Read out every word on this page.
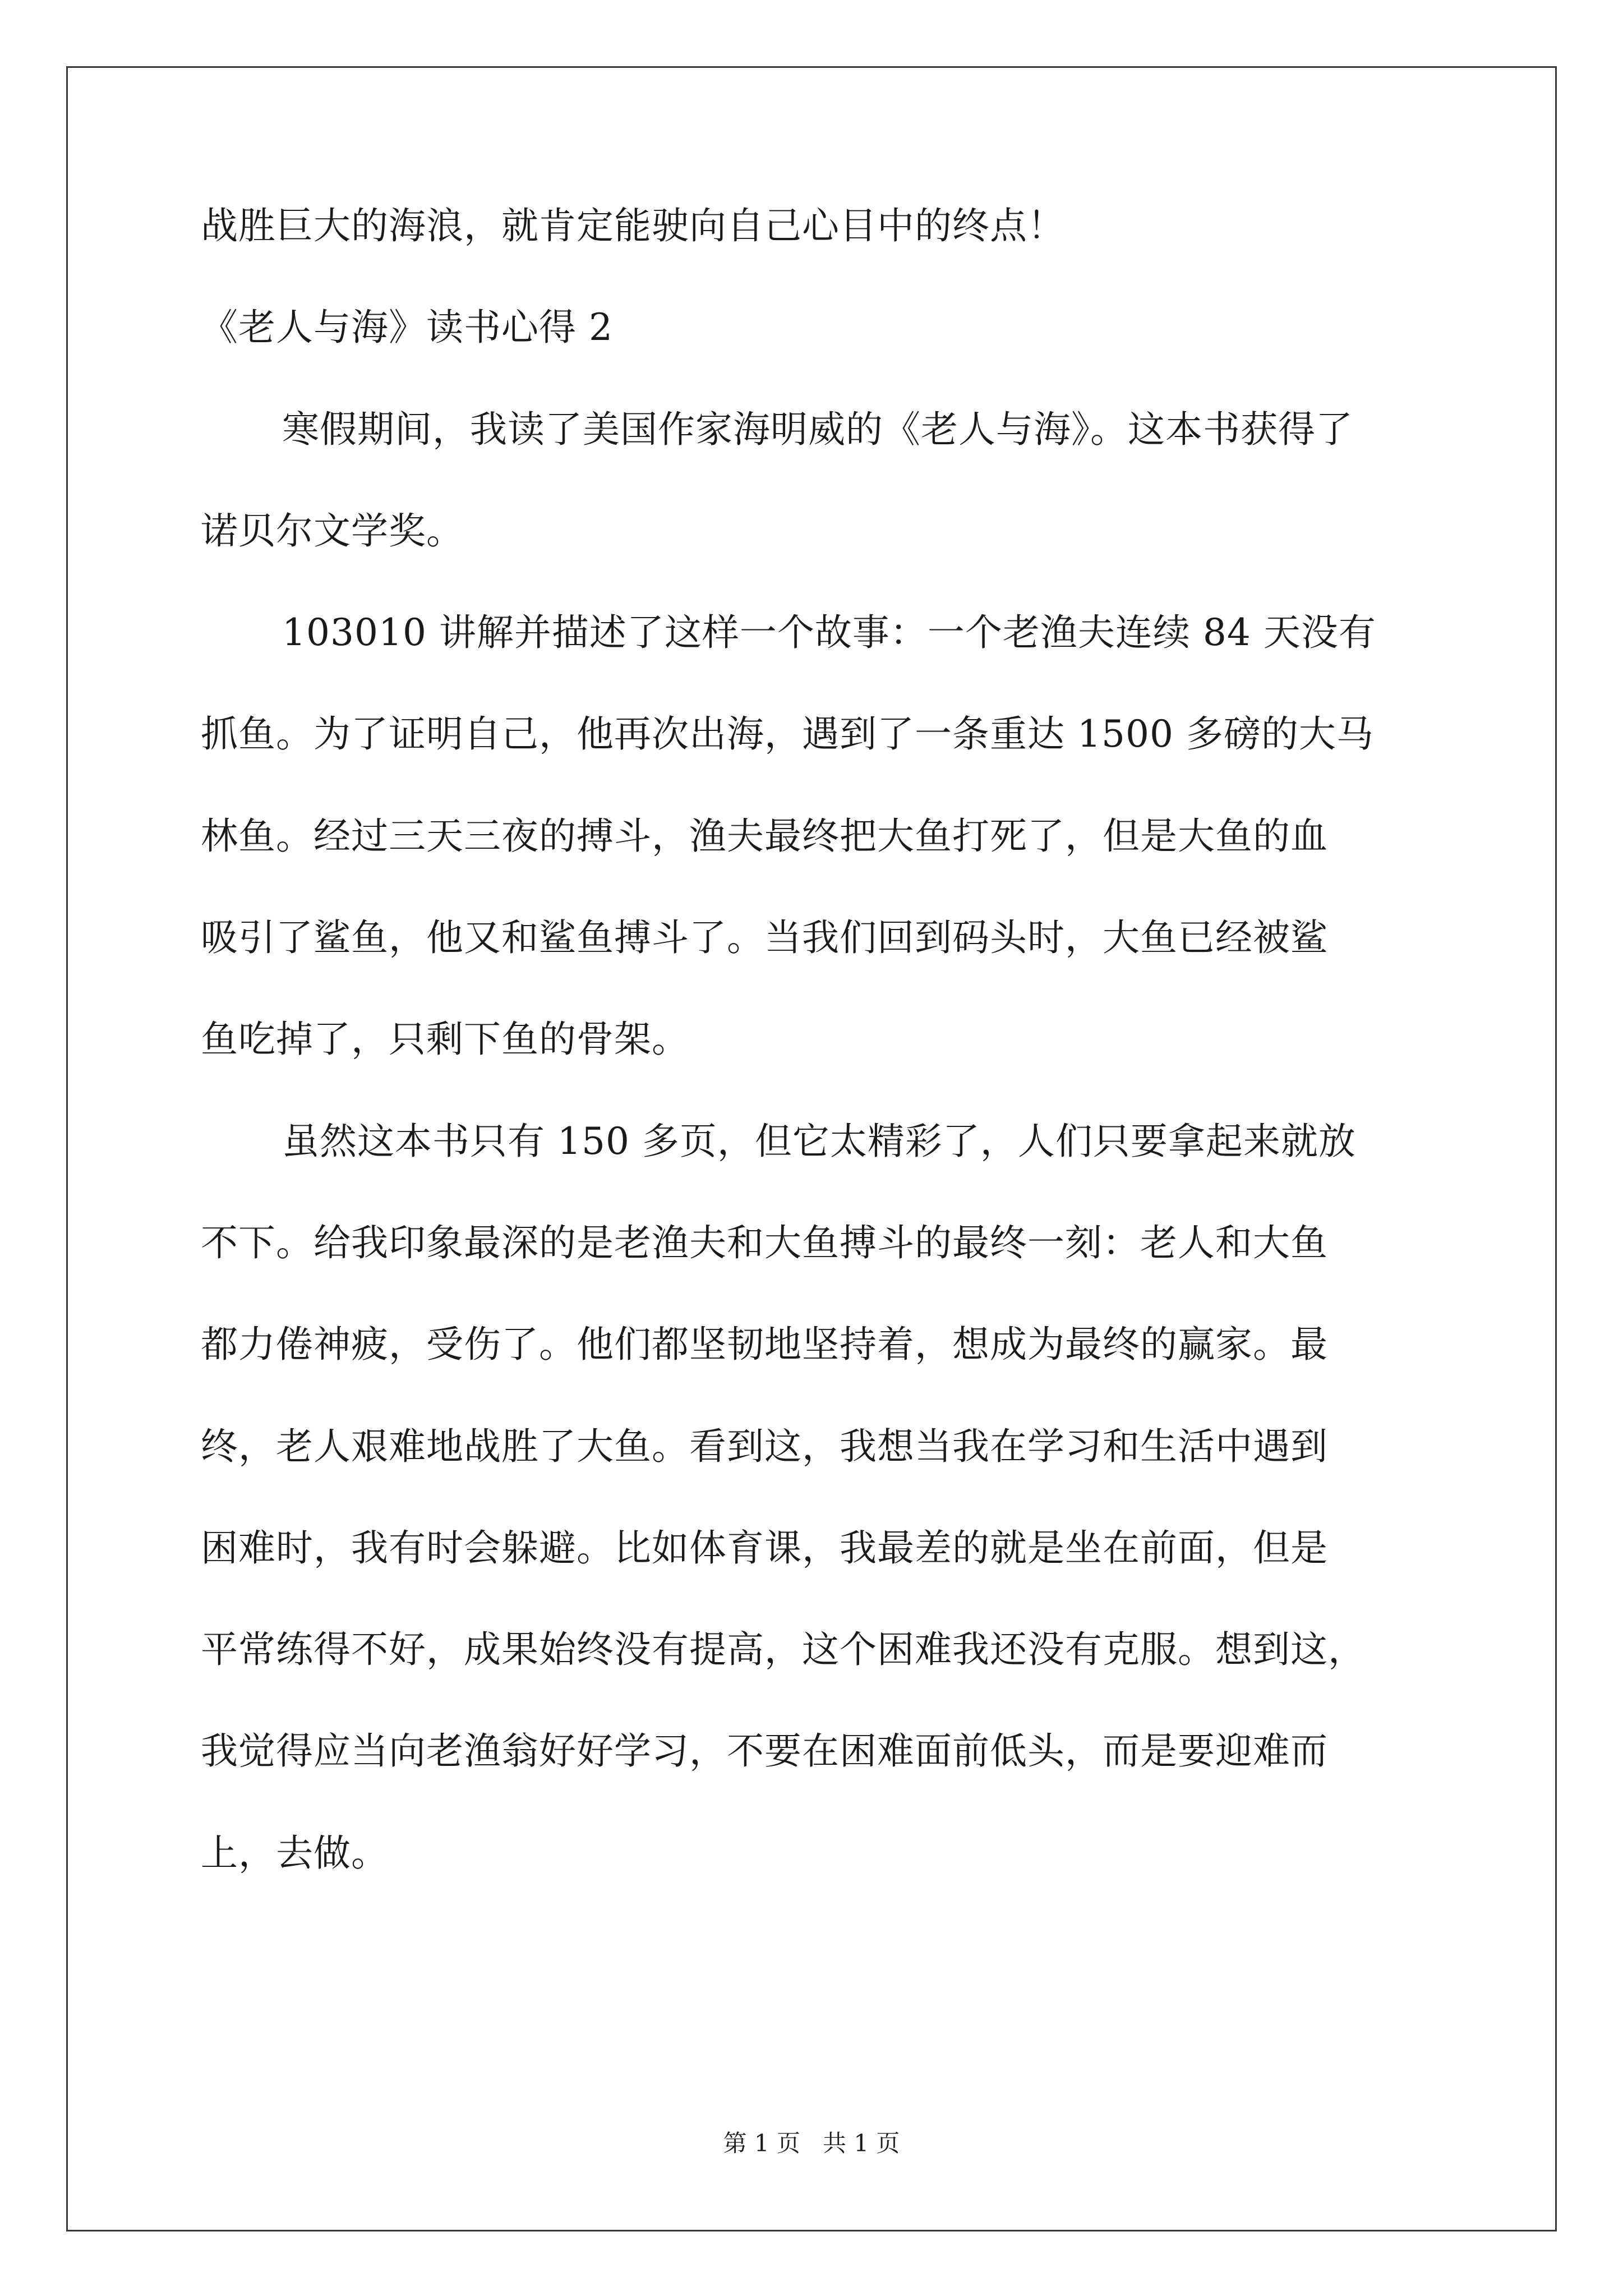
战胜巨大的海浪，就肯定能驶向自己心目中的终点！
《老人与海》读书心得 2
寒假期间，我读了美国作家海明威的《老人与海》。这本书获得了
诺贝尔文学奖。
103010 讲解并描述了这样一个故事：一个老渔夫连续 84 天没有
抓鱼。为了证明自己，他再次出海，遇到了一条重达 1500 多磅的大马
林鱼。经过三天三夜的搏斗，渔夫最终把大鱼打死了，但是大鱼的血
吸引了鲨鱼，他又和鲨鱼搏斗了。当我们回到码头时，大鱼已经被鲨
鱼吃掉了，只剩下鱼的骨架。
虽然这本书只有 150 多页，但它太精彩了，人们只要拿起来就放
不下。给我印象最深的是老渔夫和大鱼搏斗的最终一刻：老人和大鱼
都力倦神疲，受伤了。他们都坚韧地坚持着，想成为最终的赢家。最
终，老人艰难地战胜了大鱼。看到这，我想当我在学习和生活中遇到
困难时，我有时会躲避。比如体育课，我最差的就是坐在前面，但是
平常练得不好，成果始终没有提高，这个困难我还没有克服。想到这，
我觉得应当向老渔翁好好学习，不要在困难面前低头，而是要迎难而
上，去做。
第 1 页 共 1 页
